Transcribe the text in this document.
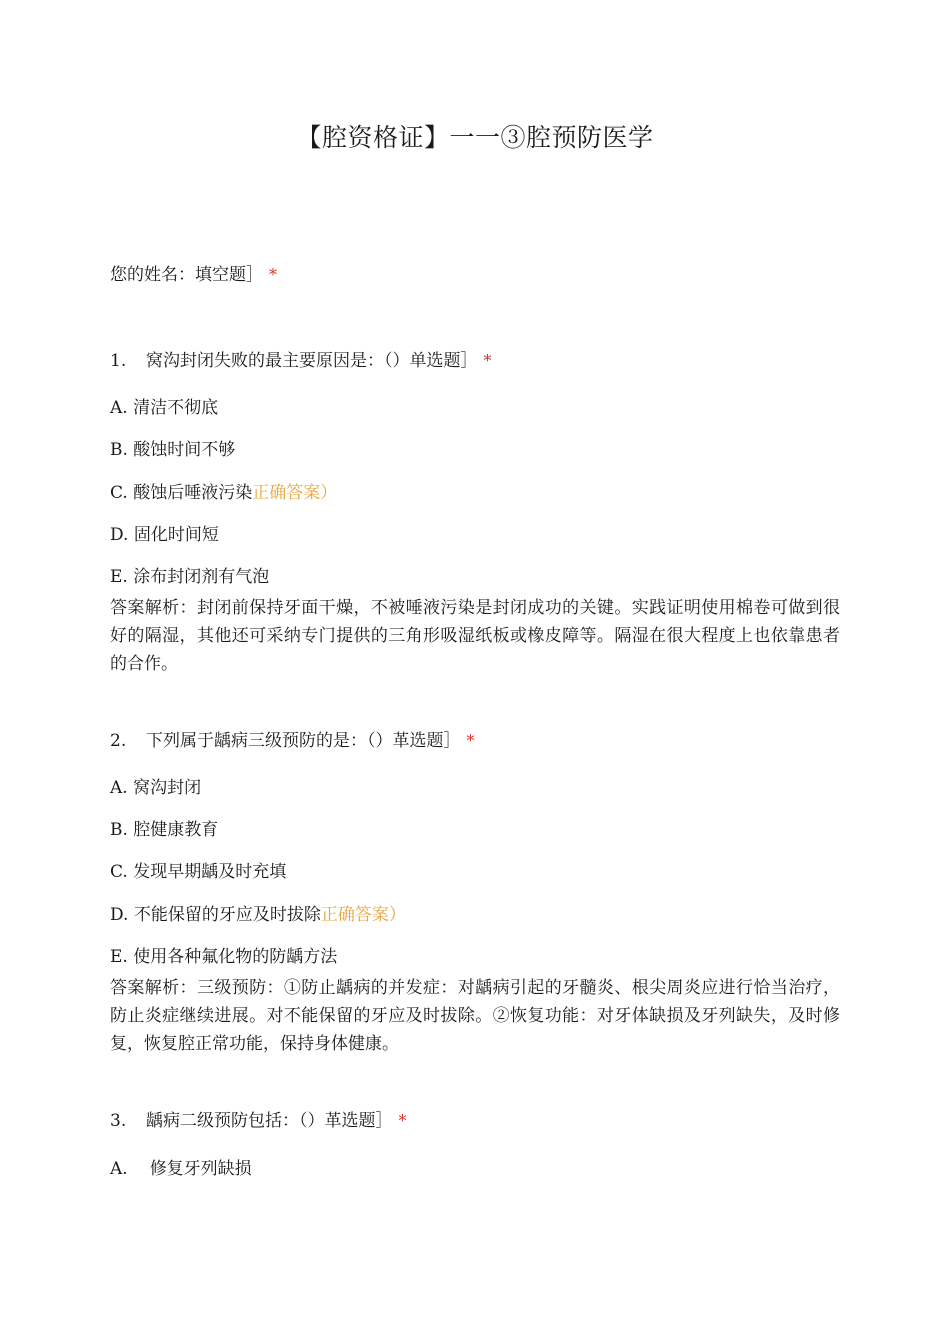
【腔资格证】一一③腔预防医学
您的姓名：填空题］ *
1. 窝沟封闭失败的最主要原因是：（）单选题］ *
A. 清洁不彻底
B. 酸蚀时间不够
C. 酸蚀后唾液污染正确答案）
D. 固化时间短
E. 涂布封闭剂有气泡
答案解析：封闭前保持牙面干燥，不被唾液污染是封闭成功的关键。实践证明使用棉卷可做到很好的隔湿，其他还可采纳专门提供的三角形吸湿纸板或橡皮障等。隔湿在很大程度上也依靠患者的合作。
2. 下列属于龋病三级预防的是：（）革选题］ *
A. 窝沟封闭
B. 腔健康教育
C. 发现早期龋及时充填
D. 不能保留的牙应及时拔除正确答案）
E. 使用各种氟化物的防龋方法
答案解析：三级预防：①防止龋病的并发症：对龋病引起的牙髓炎、根尖周炎应进行恰当治疗，防止炎症继续进展。对不能保留的牙应及时拔除。②恢复功能：对牙体缺损及牙列缺失，及时修复，恢复腔正常功能，保持身体健康。
3. 龋病二级预防包括：（）革选题］ *
A. 修复牙列缺损
